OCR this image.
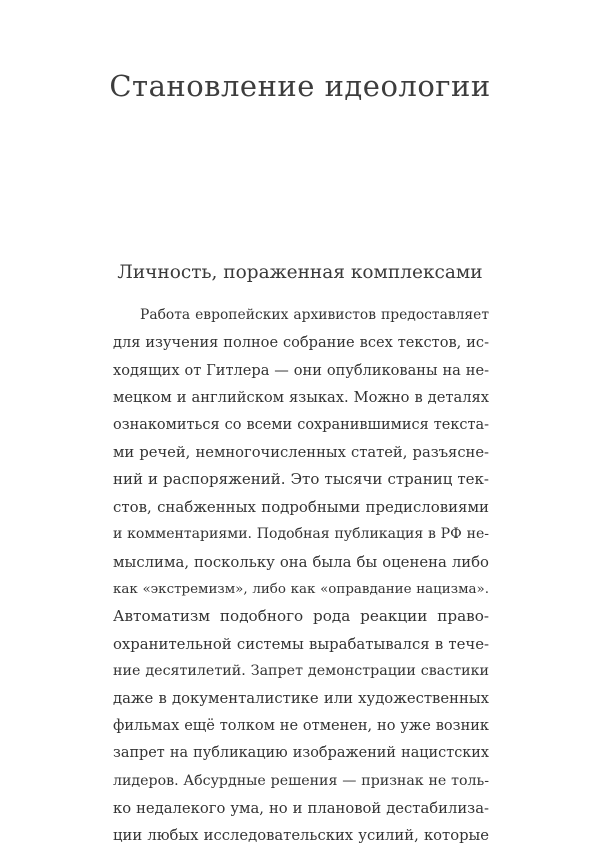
Становление идеологии
Личность, пораженная комплексами
Работа европейских архивистов предоставляет
для изучения полное собрание всех текстов, ис-
ходящих от Гитлера — они опубликованы на не-
мецком и английском языках. Можно в деталях
ознакомиться со всеми сохранившимися текста-
ми речей, немногочисленных статей, разъясне-
ний и распоряжений. Это тысячи страниц тек-
стов, снабженных подробными предисловиями
и комментариями. Подобная публикация в РФ не-
мыслима, поскольку она была бы оценена либо
как «экстремизм», либо как «оправдание нацизма».
Автоматизм подобного рода реакции право-
охранительной системы вырабатывался в тече-
ние десятилетий. Запрет демонстрации свастики
даже в документалистике или художественных
фильмах ещё толком не отменен, но уже возник
запрет на публикацию изображений нацистских
лидеров. Абсурдные решения — признак не толь-
ко недалекого ума, но и плановой дестабилиза-
ции любых исследовательских усилий, которые
